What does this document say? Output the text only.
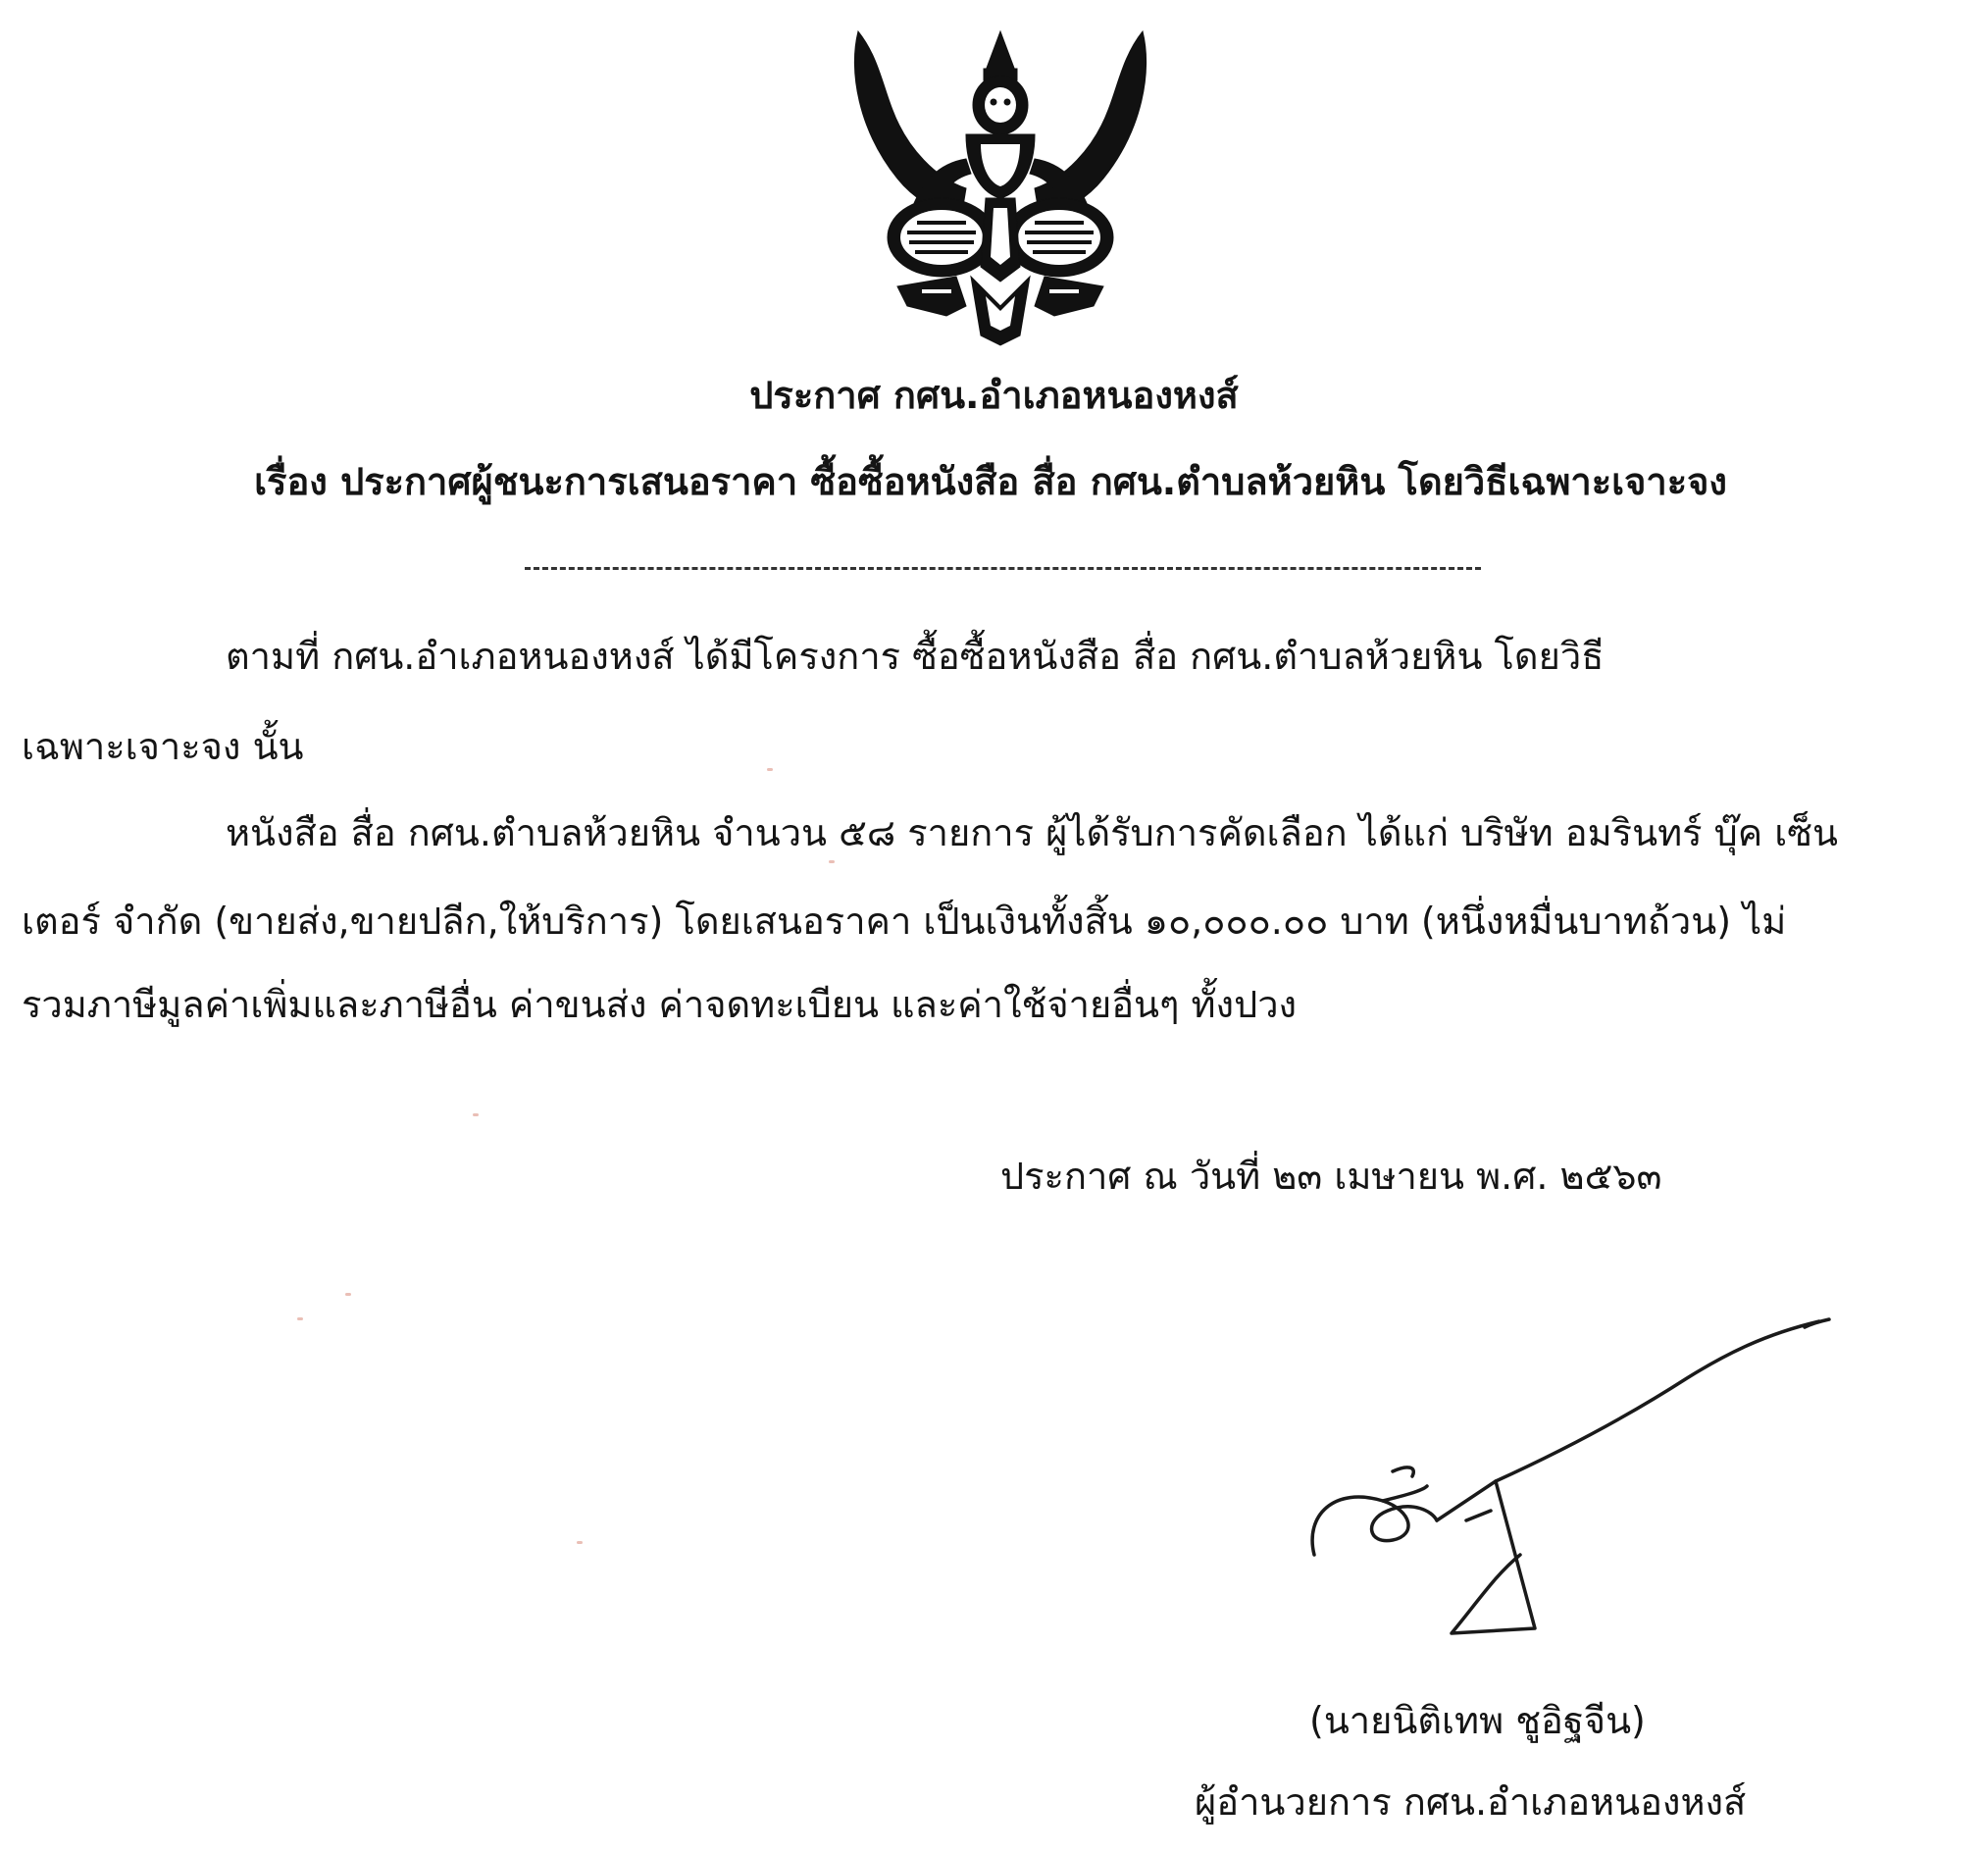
ประกาศ กศน.อำเภอหนองหงส์
เรื่อง ประกาศผู้ชนะการเสนอราคา ซื้อซื้อหนังสือ สื่อ กศน.ตำบลห้วยหิน โดยวิธีเฉพาะเจาะจง
ตามที่ กศน.อำเภอหนองหงส์ ได้มีโครงการ ซื้อซื้อหนังสือ สื่อ กศน.ตำบลห้วยหิน โดยวิธี
เฉพาะเจาะจง นั้น
หนังสือ สื่อ กศน.ตำบลห้วยหิน จำนวน ๕๘ รายการ ผู้ได้รับการคัดเลือก ได้แก่ บริษัท อมรินทร์ บุ๊ค เซ็น
เตอร์ จำกัด (ขายส่ง,ขายปลีก,ให้บริการ) โดยเสนอราคา เป็นเงินทั้งสิ้น ๑๐,๐๐๐.๐๐ บาท (หนึ่งหมื่นบาทถ้วน) ไม่
รวมภาษีมูลค่าเพิ่มและภาษีอื่น ค่าขนส่ง ค่าจดทะเบียน และค่าใช้จ่ายอื่นๆ ทั้งปวง
ประกาศ ณ วันที่ ๒๓ เมษายน พ.ศ. ๒๕๖๓
(นายนิติเทพ ชูอิฐจีน)
ผู้อำนวยการ กศน.อำเภอหนองหงส์
